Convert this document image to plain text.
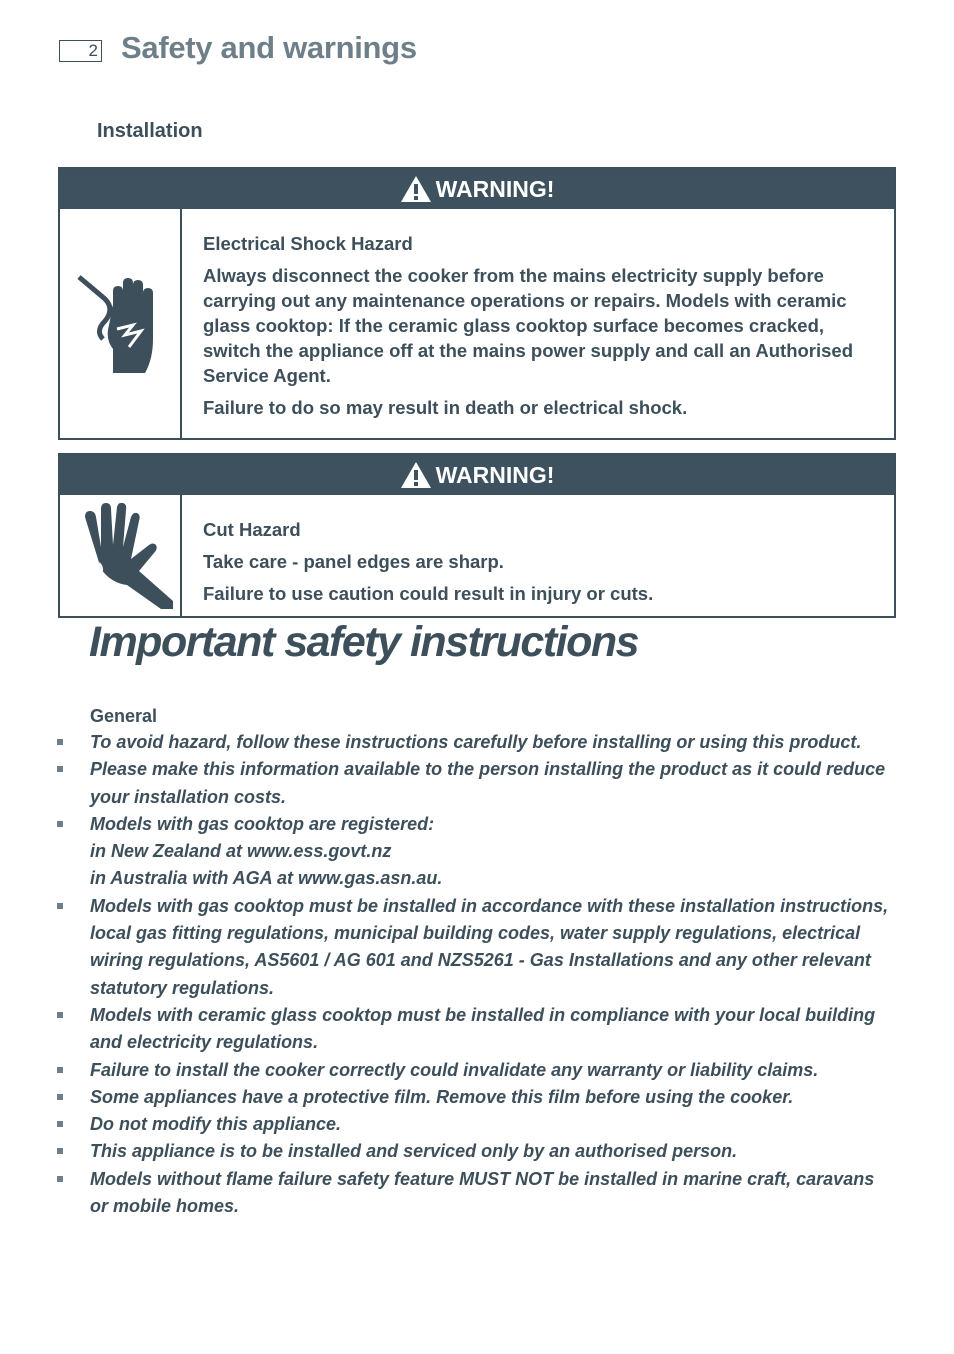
2 Safety and warnings
Installation
WARNING!

Electrical Shock Hazard

Always disconnect the cooker from the mains electricity supply before carrying out any maintenance operations or repairs. Models with ceramic glass cooktop: If the ceramic glass cooktop surface becomes cracked, switch the appliance off at the mains power supply and call an Authorised Service Agent.

Failure to do so may result in death or electrical shock.

WARNING!

Cut Hazard

Take care - panel edges are sharp.

Failure to use caution could result in injury or cuts.

Important safety instructions
General
To avoid hazard, follow these instructions carefully before installing or using this product.
Please make this information available to the person installing the product as it could reduce your installation costs.
Models with gas cooktop are registered:
in New Zealand at www.ess.govt.nz
in Australia with AGA at www.gas.asn.au.
Models with gas cooktop must be installed in accordance with these installation instructions, local gas fitting regulations, municipal building codes, water supply regulations, electrical wiring regulations, AS5601 / AG 601 and NZS5261 - Gas Installations and any other relevant statutory regulations.
Models with ceramic glass cooktop must be installed in compliance with your local building and electricity regulations.
Failure to install the cooker correctly could invalidate any warranty or liability claims.
Some appliances have a protective film. Remove this film before using the cooker.
Do not modify this appliance.
This appliance is to be installed and serviced only by an authorised person.
Models without flame failure safety feature MUST NOT be installed in marine craft, caravans or mobile homes.
